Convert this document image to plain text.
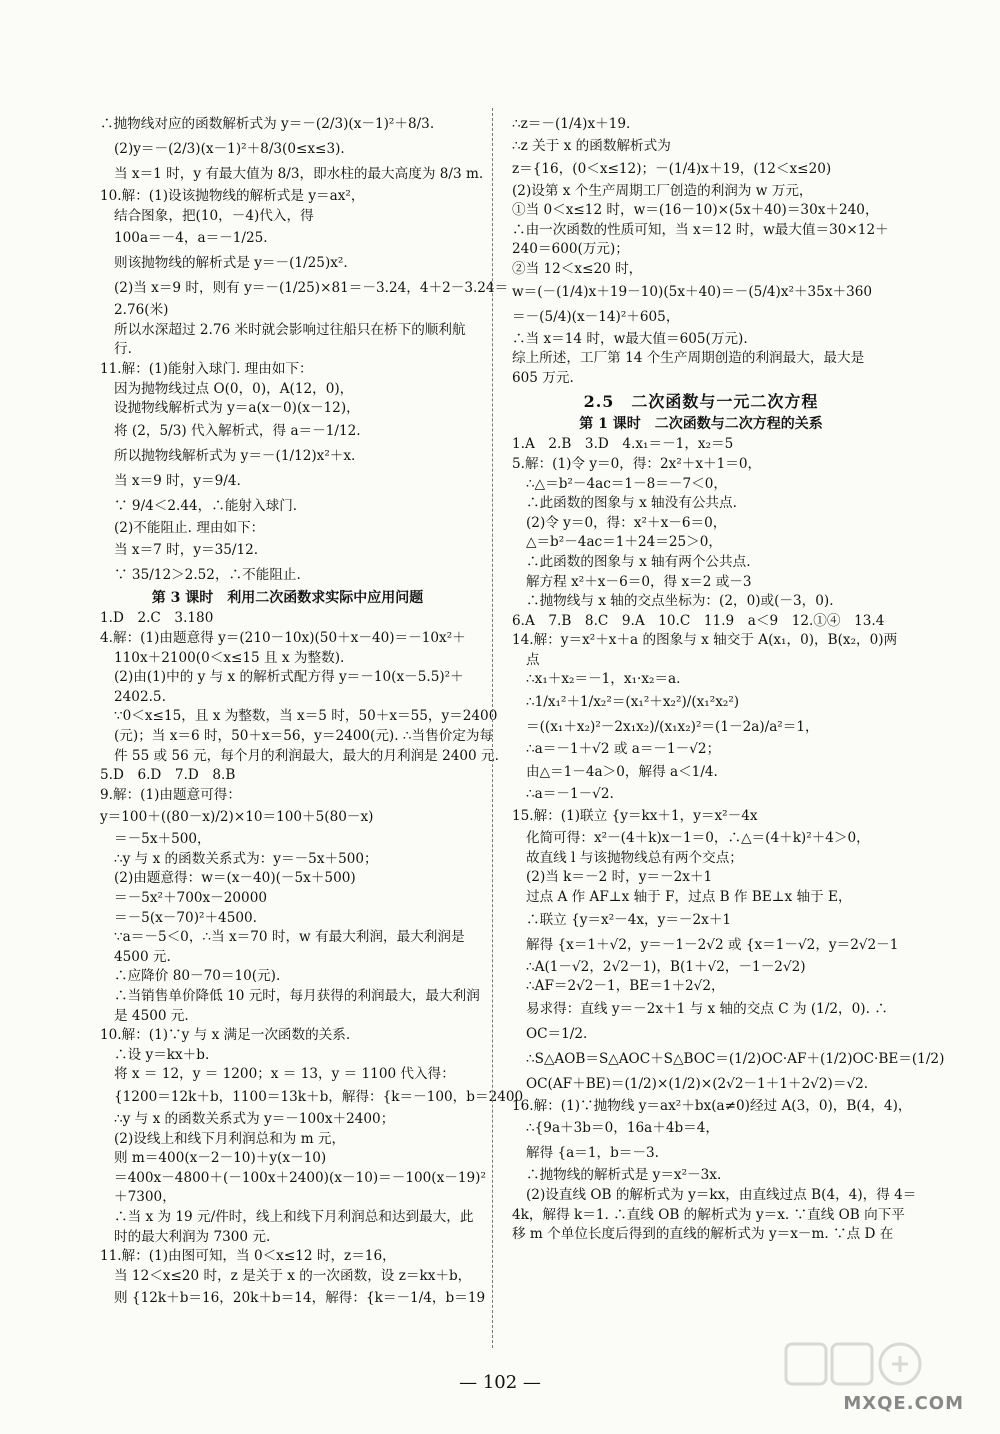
∴抛物线对应的函数解析式为 y＝－(2/3)(x－1)²＋8/3.
(2)y＝－(2/3)(x－1)²＋8/3(0≤x≤3).
当 x＝1 时，y 有最大值为 8/3，即水柱的最大高度为 8/3 m.
10.解：(1)设该抛物线的解析式是 y＝ax²，
结合图象，把(10，－4)代入，得
100a＝－4，a＝－1/25.
则该抛物线的解析式是 y＝－(1/25)x².
(2)当 x＝9 时，则有 y＝－(1/25)×81＝－3.24，4＋2－3.24＝
2.76(米)
所以水深超过 2.76 米时就会影响过往船只在桥下的顺利航
行.
11.解：(1)能射入球门. 理由如下：
因为抛物线过点 O(0，0)，A(12，0)，
设抛物线解析式为 y＝a(x－0)(x－12)，
将 (2，5/3) 代入解析式，得 a＝－1/12.
所以抛物线解析式为 y＝－(1/12)x²＋x.
当 x＝9 时，y＝9/4.
∵ 9/4＜2.44，∴能射入球门.
(2)不能阻止. 理由如下：
当 x＝7 时，y＝35/12.
∵ 35/12＞2.52，∴不能阻止.
第 3 课时　利用二次函数求实际中应用问题
1.D　2.C　3.180
4.解：(1)由题意得 y＝(210－10x)(50＋x－40)＝－10x²＋
110x＋2100(0＜x≤15 且 x 为整数).
(2)由(1)中的 y 与 x 的解析式配方得 y＝－10(x－5.5)²＋
2402.5.
∵0＜x≤15，且 x 为整数，当 x＝5 时，50＋x＝55，y＝2400
(元)；当 x＝6 时，50＋x＝56，y＝2400(元). ∴当售价定为每
件 55 或 56 元，每个月的利润最大，最大的月利润是 2400 元.
5.D　6.D　7.D　8.B
9.解：(1)由题意可得：
y＝100＋((80－x)/2)×10＝100＋5(80－x)
＝－5x＋500，
∴y 与 x 的函数关系式为：y＝－5x＋500；
(2)由题意得：w＝(x－40)(－5x＋500)
＝－5x²＋700x－20000
＝－5(x－70)²＋4500.
∵a＝－5＜0，∴当 x＝70 时，w 有最大利润，最大利润是
4500 元.
∴应降价 80－70＝10(元).
∴当销售单价降低 10 元时，每月获得的利润最大，最大利润
是 4500 元.
10.解：(1)∵y 与 x 满足一次函数的关系.
∴设 y＝kx＋b.
将 x ＝ 12，y ＝ 1200；x ＝ 13，y ＝ 1100 代入得：
{1200＝12k＋b，1100＝13k＋b，解得：{k＝－100，b＝2400
∴y 与 x 的函数关系式为 y＝－100x＋2400；
(2)设线上和线下月利润总和为 m 元，
则 m＝400(x－2－10)＋y(x－10)
＝400x－4800＋(－100x＋2400)(x－10)＝－100(x－19)²
＋7300，
∴当 x 为 19 元/件时，线上和线下月利润总和达到最大，此
时的最大利润为 7300 元.
11.解：(1)由图可知，当 0＜x≤12 时，z＝16，
当 12＜x≤20 时，z 是关于 x 的一次函数，设 z＝kx＋b，
则 {12k＋b＝16，20k＋b＝14，解得：{k＝－1/4，b＝19
∴z＝－(1/4)x＋19.
∴z 关于 x 的函数解析式为
z＝{16，(0＜x≤12)；－(1/4)x＋19，(12＜x≤20)
(2)设第 x 个生产周期工厂创造的利润为 w 万元，
①当 0＜x≤12 时，w＝(16－10)×(5x＋40)＝30x＋240，
∴由一次函数的性质可知，当 x＝12 时，w最大值＝30×12＋
240＝600(万元)；
②当 12＜x≤20 时，
w＝(－(1/4)x＋19－10)(5x＋40)＝－(5/4)x²＋35x＋360
＝－(5/4)(x－14)²＋605，
∴当 x＝14 时，w最大值＝605(万元).
综上所述，工厂第 14 个生产周期创造的利润最大，最大是
605 万元.
2.5　二次函数与一元二次方程
第 1 课时　二次函数与二次方程的关系
1.A　2.B　3.D　4.x₁＝－1，x₂＝5
5.解：(1)令 y＝0，得：2x²＋x＋1＝0，
∴△＝b²－4ac＝1－8＝－7＜0，
∴此函数的图象与 x 轴没有公共点.
(2)令 y＝0，得：x²＋x－6＝0，
△＝b²－4ac＝1＋24＝25＞0，
∴此函数的图象与 x 轴有两个公共点.
解方程 x²＋x－6＝0，得 x＝2 或－3
∴抛物线与 x 轴的交点坐标为：(2，0)或(－3，0).
6.A　7.B　8.C　9.A　10.C　11.9　a＜9　12.①④　13.4
14.解：y＝x²＋x＋a 的图象与 x 轴交于 A(x₁，0)，B(x₂，0)两
点
∴x₁＋x₂＝－1，x₁·x₂＝a.
∴1/x₁²＋1/x₂²＝(x₁²＋x₂²)/(x₁²x₂²)
＝((x₁＋x₂)²－2x₁x₂)/(x₁x₂)²＝(1－2a)/a²＝1，
∴a＝－1＋√2 或 a＝－1－√2；
由△＝1－4a＞0，解得 a＜1/4.
∴a＝－1－√2.
15.解：(1)联立 {y＝kx＋1，y＝x²－4x
化简可得：x²－(4＋k)x－1＝0，∴△＝(4＋k)²＋4＞0，
故直线 l 与该抛物线总有两个交点；
(2)当 k＝－2 时，y＝－2x＋1
过点 A 作 AF⊥x 轴于 F，过点 B 作 BE⊥x 轴于 E，
∴联立 {y＝x²－4x，y＝－2x＋1
解得 {x＝1＋√2，y＝－1－2√2 或 {x＝1－√2，y＝2√2－1
∴A(1－√2，2√2－1)，B(1＋√2，－1－2√2)
∴AF＝2√2－1，BE＝1＋2√2，
易求得：直线 y＝－2x＋1 与 x 轴的交点 C 为 (1/2，0). ∴
OC＝1/2.
∴S△AOB＝S△AOC＋S△BOC＝(1/2)OC·AF＋(1/2)OC·BE＝(1/2)
OC(AF＋BE)＝(1/2)×(1/2)×(2√2－1＋1＋2√2)＝√2.
16.解：(1)∵抛物线 y＝ax²＋bx(a≠0)经过 A(3，0)，B(4，4)，
∴{9a＋3b＝0，16a＋4b＝4，
解得 {a＝1，b＝－3.
∴抛物线的解析式是 y＝x²－3x.
(2)设直线 OB 的解析式为 y＝kx，由直线过点 B(4，4)，得 4＝
4k，解得 k＝1. ∴直线 OB 的解析式为 y＝x. ∵直线 OB 向下平
移 m 个单位长度后得到的直线的解析式为 y＝x－m. ∵点 D 在
— 102 —
MXQE.COM
